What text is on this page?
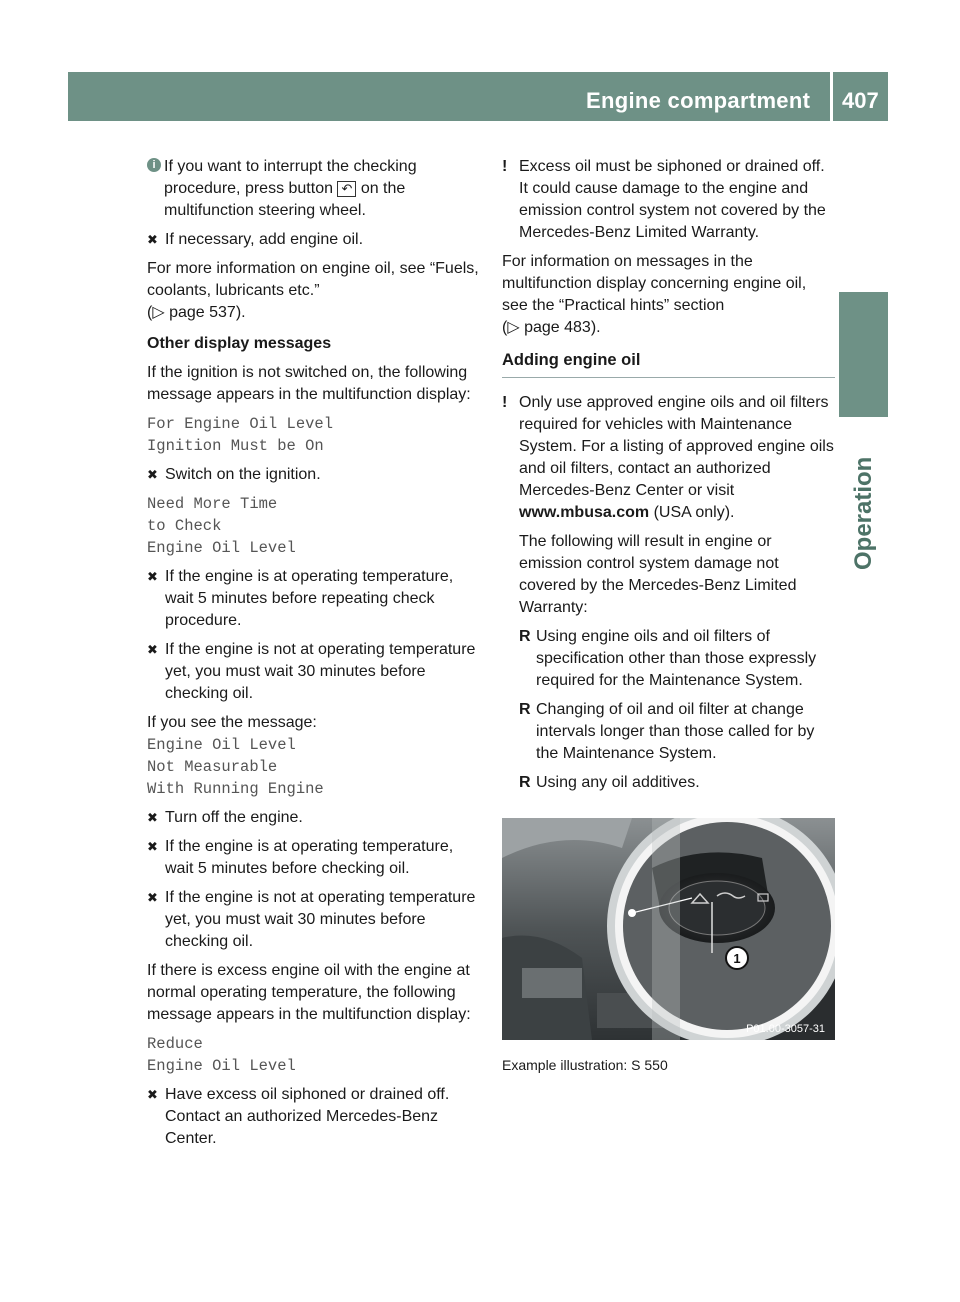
Engine compartment 407
Operation
i If you want to interrupt the checking procedure, press button ↶ on the multifunction steering wheel.
✖ If necessary, add engine oil.

For more information on engine oil, see “Fuels, coolants, lubricants etc.”
(▷ page 537).

Other display messages

If the ignition is not switched on, the following message appears in the multifunction display:

For Engine Oil Level
Ignition Must be On
✖ Switch on the ignition.
Need More Time
to Check
Engine Oil Level
✖ If the engine is at operating temperature, wait 5 minutes before repeating check procedure.
✖ If the engine is not at operating temperature yet, you must wait 30 minutes before checking oil.

If you see the message:

Engine Oil Level
Not Measurable
With Running Engine
✖ Turn off the engine.
✖ If the engine is at operating temperature, wait 5 minutes before checking oil.
✖ If the engine is not at operating temperature yet, you must wait 30 minutes before checking oil.

If there is excess engine oil with the engine at normal operating temperature, the following message appears in the multifunction display:

Reduce
Engine Oil Level
✖ Have excess oil siphoned or drained off. Contact an authorized Mercedes-Benz Center.
! Excess oil must be siphoned or drained off. It could cause damage to the engine and emission control system not covered by the Mercedes-Benz Limited Warranty.

For information on messages in the multifunction display concerning engine oil, see the “Practical hints” section
(▷ page 483).

Adding engine oil
! Only use approved engine oils and oil filters required for vehicles with Maintenance System. For a listing of approved engine oils and oil filters, contact an authorized Mercedes-Benz Center or visit www.mbusa.com (USA only).

The following will result in engine or emission control system damage not covered by the Mercedes-Benz Limited Warranty:

R Using engine oils and oil filters of specification other than those expressly required for the Maintenance System.
R Changing of oil and oil filter at change intervals longer than those called for by the Maintenance System.
R Using any oil additives.
1
P01.00-3057-31
Example illustration: S 550
